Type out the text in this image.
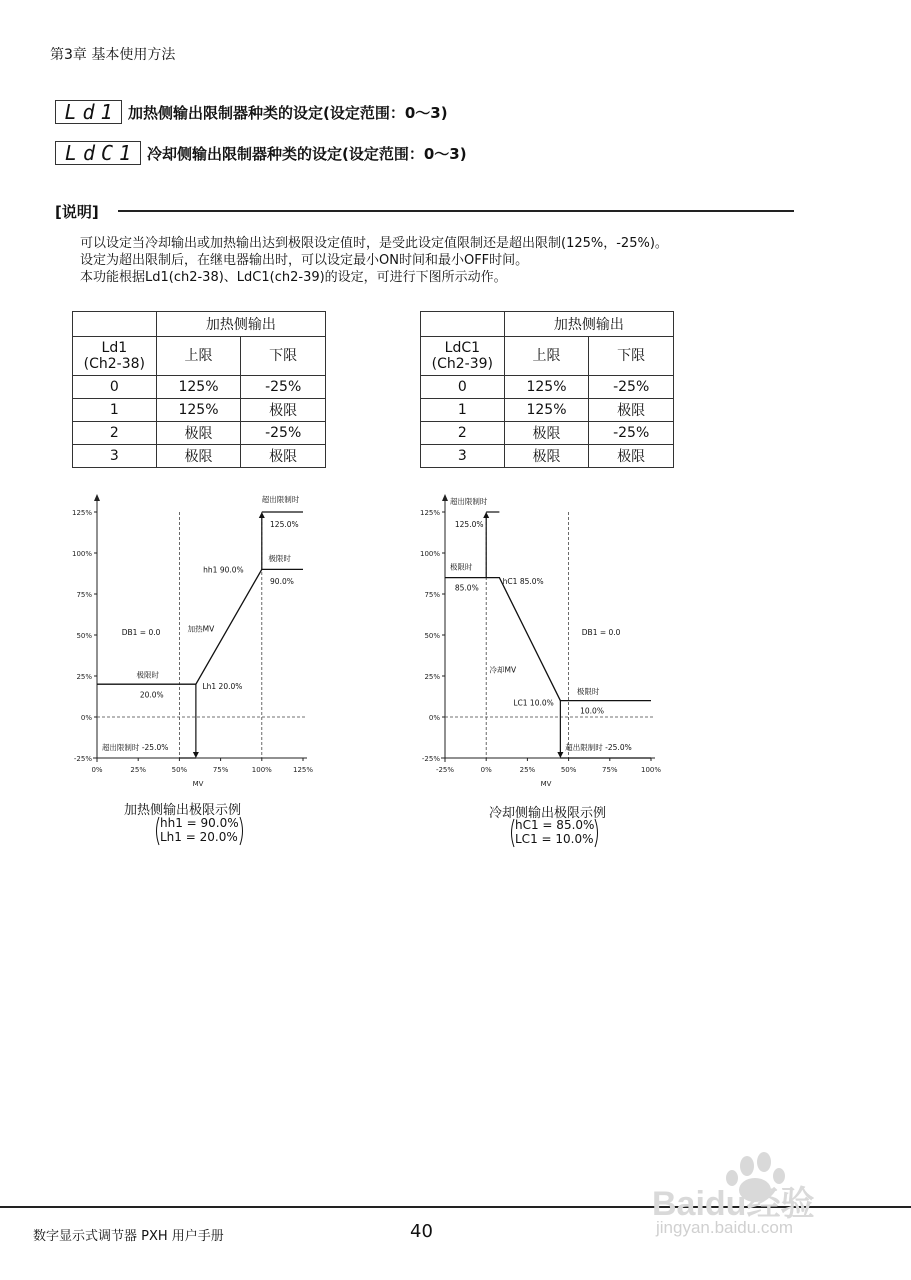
第3章 基本使用方法
Ld1 加热侧输出限制器种类的设定(设定范围：0～3)
LdC1 冷却侧输出限制器种类的设定(设定范围：0～3)
[说明]
可以设定当冷却输出或加热输出达到极限设定值时，是受此设定值限制还是超出限制(125%，-25%)。
设定为超出限制后，在继电器输出时，可以设定最小ON时间和最小OFF时间。
本功能根据Ld1(ch2-38)、LdC1(ch2-39)的设定，可进行下图所示动作。
	加热侧输出	
Ld1
(Ch2-38)	上限	下限
0	125%	-25%
1	125%	极限
2	极限	-25%
3	极限	极限
	加热侧输出	
LdC1
(Ch2-39)	上限	下限
0	125%	-25%
1	125%	极限
2	极限	-25%
3	极限	极限
125%
100%
75%
50%
25%
0%
-25%
0%	25%	50%	75%	100%	125%
MV
超出限制时
125.0%
极限时
90.0%
hh1 90.0%
加热MV
DB1 = 0.0
极限时
20.0%
Lh1 20.0%
超出限制时 -25.0%
加热侧输出极限示例
hh1 = 90.0%
Lh1 = 20.0%
125%
100%
75%
50%
25%
0%
-25%
-25%	0%	25%	50%	75%	100%
MV
超出限制时
125.0%
极限时
85.0%
hC1 85.0%
冷却MV
DB1 = 0.0
极限时
10.0%
LC1 10.0%
超出限制时 -25.0%
冷却侧输出极限示例
hC1 = 85.0%
LC1 = 10.0%
数字显示式调节器 PXH 用户手册	40
Baidu经验
jingyan.baidu.com
